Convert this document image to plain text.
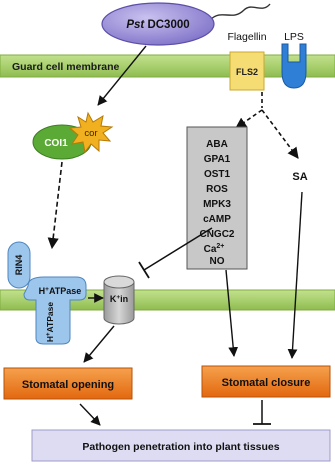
Guard cell membrane
Pst DC3000
Flagellin
FLS2
LPS
COI1
cor
ABA
GPA1
OST1
ROS
MPK3
cAMP
CNGC2
$Ca^{2+}$
NO
SA
RIN4
H+ATPase
H+ATPase
K+in
Stomatal opening	Stomatal closure
Pathogen penetration into plant tissues
